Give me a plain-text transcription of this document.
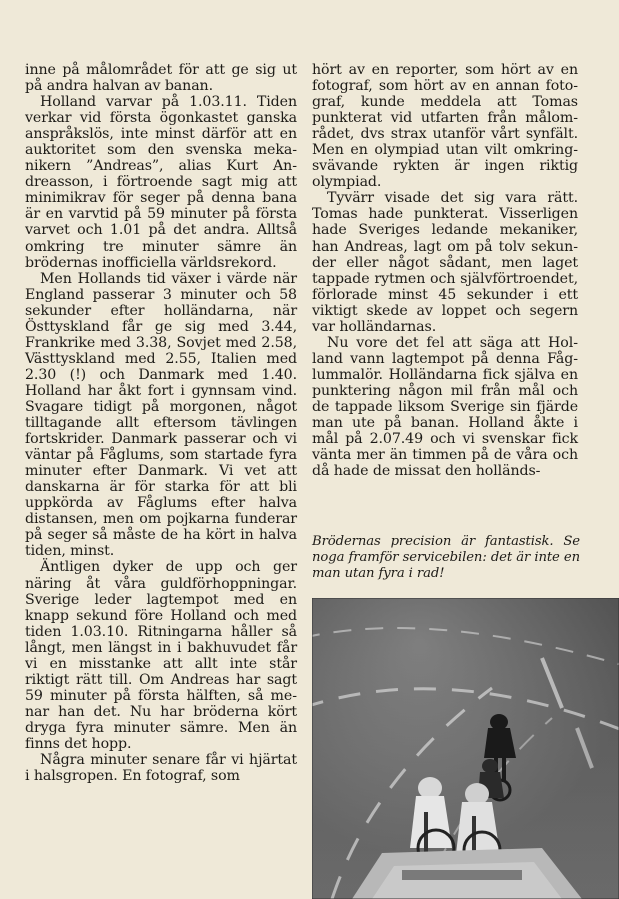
inne på målområdet för att ge sig ut på andra halvan av banan.

Holland varvar på 1.03.11. Tiden verkar vid första ögonkastet ganska anspråkslös, inte minst därför att en auktoritet som den svenska mekanikern ”Andreas”, alias Kurt Andreasson, i förtroende sagt mig att minimikrav för seger på denna bana är en varvtid på 59 minuter på första varvet och 1.01 på det andra. Alltså omkring tre minuter sämre än brödernas inofficiella världsrekord.

Men Hollands tid växer i värde när England passerar 3 minuter och 58 sekunder efter holländarna, när Östtyskland får ge sig med 3.44, Frankrike med 3.38, Sovjet med 2.58, Västtyskland med 2.55, Italien med 2.30 (!) och Danmark med 1.40. Holland har åkt fort i gynnsam vind. Svagare tidigt på morgonen, något tilltagande allt eftersom tävlingen fortskrider. Danmark passerar och vi väntar på Fåglums, som startade fyra minuter efter Danmark. Vi vet att danskarna är för starka för att bli uppkörda av Fåglums efter halva distansen, men om pojkarna funderar på seger så måste de ha kört in halva tiden, minst.

Äntligen dyker de upp och ger näring åt våra guldförhoppningar. Sverige leder lagtempot med en knapp sekund före Holland och med tiden 1.03.10. Ritningarna håller så långt, men längst in i bakhuvudet får vi en misstanke att allt inte står riktigt rätt till. Om Andreas har sagt 59 minuter på första hälften, så menar han det. Nu har bröderna kört dryga fyra minuter sämre. Men än finns det hopp.

Några minuter senare får vi hjärtat i halsgropen. En fotograf, som

hört av en reporter, som hört av en fotograf, som hört av en annan fotograf, kunde meddela att Tomas punkterat vid utfarten från målområdet, dvs strax utanför vårt synfält. Men en olympiad utan vilt omkringsvävande rykten är ingen riktig olympiad.

Tyvärr visade det sig vara rätt. Tomas hade punkterat. Visserligen hade Sveriges ledande mekaniker, han Andreas, lagt om på tolv sekunder eller något sådant, men laget tappade rytmen och självförtroendet, förlorade minst 45 sekunder i ett viktigt skede av loppet och segern var holländarnas.

Nu vore det fel att säga att Holland vann lagtempot på denna Fåglummalör. Holländarna fick själva en punktering någon mil från mål och de tappade liksom Sverige sin fjärde man ute på banan. Holland åkte i mål på 2.07.49 och vi svenskar fick vänta mer än timmen på de våra och då hade de missat den holländs-

Brödernas precision är fantastisk. Se noga framför servicebilen: det är inte en man utan fyra i rad!
